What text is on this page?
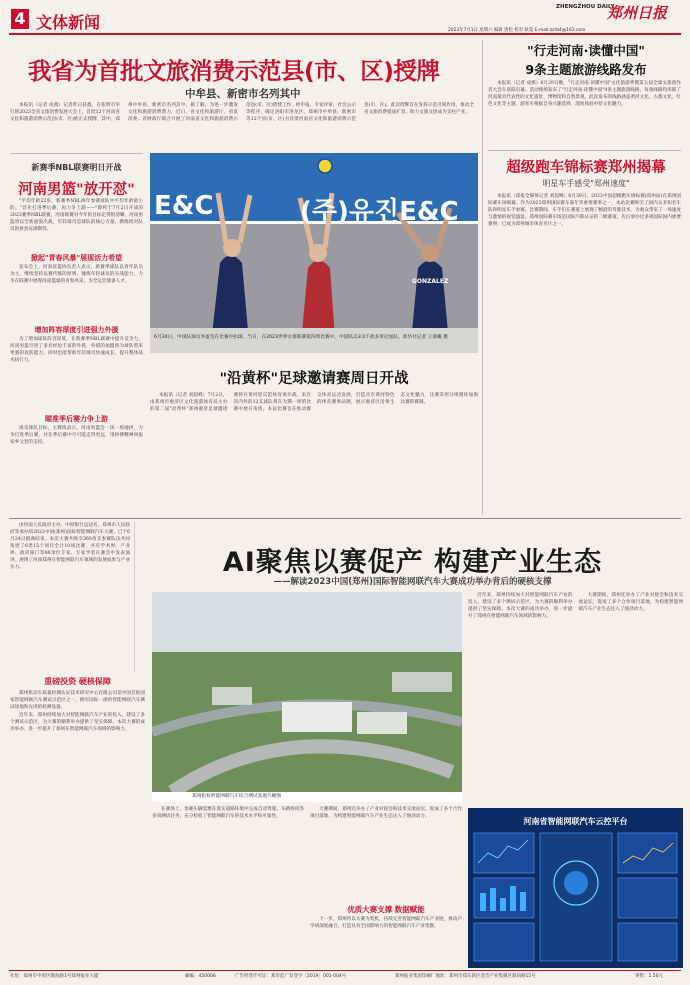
4 文体新闻
ZHENGZHOU DAILY
郑州日报
2023年7月1日 星期六 编辑 唐松 校对 耿超 E-mail:zzrb4@163.com
我省为首批文旅消费示范县(市、区)授牌
中牟县、新密市名列其中

本报讯（记者 成燕）记者昨日获悉，在张明市举行的2023全省文旅消费发展大会上，首批12个河南省文化和旅游消费示范县(市、区)被正式授牌，其中，郑州中牟县、新密市名列其中。据了解，为进一步激发文化和旅游消费潜力，近日，省文化和旅游厅、省发改委、省财政厅联合开展了河南省文化和旅游消费示范县(市、区)创建工作，经申报、专家评审、社会公示等程序，确定洛阳市洛龙区、郑州市中牟县、新密市等12个县(市、区)为首批河南省文化和旅游消费示范县(市、区)。此次授牌旨在发挥示范引领作用，推动全省文旅消费提质扩容，助力文旅文创成为支柱产业。

"行走河南·读懂中国"
9条主题旅游线路发布

本报讯（记者 成燕）6月29日晚，"行走河南·读懂中国"文化旅游季暨第五届全球文旅创作者大会在洛阳启幕。活动现场发布了"行走河南·读懂中国"9条主题旅游线路，每条线路均串联了河南最具代表性的文化遗址、博物馆和自然景观。此次发布的线路涵盖黄河文化、古都文化、红色文化等主题，游客可根据自身兴趣选择，深度体验中原文化魅力。

超级跑车锦标赛郑州揭幕
明星车手感受"郑州速度"

本报讯（郑报全媒体记者 刘超峰）6月30日，2023中国超级跑车锦标赛(郑州站)在郑州国际赛车场揭幕。作为2023郑州国际赛车嘉年华重要赛事之一，本站比赛吸引了国内众多知名车队和明星车手参赛。比赛期间，车手们在赛道上展现了精湛的驾驶技术，为观众带来了一场速度与激情的视觉盛宴。郑州国际赛车场是国际汽联认证的二级赛道，先后承办过多项国际国内重要赛事，已成为郑州城市体育名片之一。

新赛季NBL联赛明日开战
河南男篮"放开怼"

"平均年龄22岁，新赛季NBL两年参赛球队中平均年龄最小的。"首先打进季后赛，再力争上游——"即将于7月2日开战的2023赛季NBL联赛，河南联赛对今年的目标定得很清晰。河南男篮将以全新面貌出战，年轻球员是球队的核心力量，教练组对队员的拼劲充满期待。

掀起"青春风暴"展现活力希望

发布会上，河南省篮协负责人表示，新赛季球队以青年队员为主，继续坚持以赛代练的原则，锤炼年轻球员的实战能力，力争在联赛中展现河南篮球的青春风采，为全运会储备人才。

增加阵容厚度引进强力外援

为了增加球队阵容厚度，在新赛季NBL联赛中提升竞争力，河南男篮引进了多名经验丰富的外援，外援的加盟将为球队带来更强的攻防能力，同时也能帮助年轻球员快速成长，提升整体战术执行力。

瞄准季后赛力争上游

谈及球队目标，主教练表示，河南男篮会一场一场地拼，力争打进季后赛，并在季后赛中尽可能走得更远，用拼搏精神回报家乡父老的支持。

E&C	(주)유진E&C
GONZALEZ
6月30日，中国队球员李盈莹在比赛中扣球。当日，在2023世界女排联赛第四周比赛中，中国队以3:2不敌多米尼加队。新华社记者 王晨曦 摄
"沿黄杯"足球邀请赛周日开战

本报讯（记者 刘超峰）7月2日，由郑州市惠济区文化旅游体育局主办的第二届"沿黄杯"郑州惠济足球邀请赛将在黄河迎宾馆体育场开战。来自省内外的12支球队将在为期一周的比赛中展开角逐。本届比赛旨在推动群众体育运动发展，打造具有黄河特色的体育赛事品牌，展示惠济区沿黄生态文化魅力，比赛采用分组循环加淘汰赛的赛制。

由河南人民政府主办，中原银行总冠名，郑州市人民政府等承办的2023中国(郑州)国际智能网联汽车大赛，已于6月24日圆满结束。本次大赛共吸引360余支参赛队伍共同角逐了6类15个项目全计10场比赛，并有学术界、产业界、政府部门等80余位专家、专家学者在赛会中发表演讲，展现了河南郑州在智能网联汽车领域的发展成果与产业实力。	AI聚焦以赛促产 构建产业生态
——解读2023中国(郑州)国际智能网联汽车大赛成功举办背后的硬核支撑
郑州机检智能网联汽车综合测试基地鸟瞰图
重磅投资 硬核保障

郑州机动车质量检测认证技术研究中心有限公司是中国首批国家智能网联汽车测试示范区之一，拥有国际一流的智能网联汽车测试场地和先进的检测设备。

近年来，郑州持续加大对智能网联汽车产业的投入，建设了多个测试示范区，为大赛的顺利举办提供了坚实保障。本次大赛的成功举办，进一步提升了郑州在智能网联汽车领域的影响力。

在赛场上，参赛车辆需要在真实道路环境中完成自动驾驶、车路协同等多项测试任务，充分检验了智能网联汽车的技术水平和可靠性。

大赛期间，郑州还举办了产业对接会和技术交流论坛，促成了多个合作项目落地，为构建智能网联汽车产业生态注入了强劲动力。

优质大赛支撑 数据赋能

下一步，郑州将以大赛为契机，持续完善智能网联汽车产业链，推动产学研深度融合，打造具有全国影响力的智能网联汽车产业集群。

近年来，郑州持续加大对智能网联汽车产业的投入，建设了多个测试示范区，为大赛的顺利举办提供了坚实保障。本次大赛的成功举办，进一步提升了郑州在智能网联汽车领域的影响力。

大赛期间，郑州还举办了产业对接会和技术交流论坛，促成了多个合作项目落地，为构建智能网联汽车产业生态注入了强劲动力。

河南省智能网联汽车云控平台
社址：郑州市中原区陇海路1号郑州报业大厦	邮编：450006	广告经营许可证：郑市监广发登字〔2019〕001-004号	郑州报业集团印刷厂地址：郑州市郑东新区金岱产业集聚区鼎尚路15号	零售：1.50元
